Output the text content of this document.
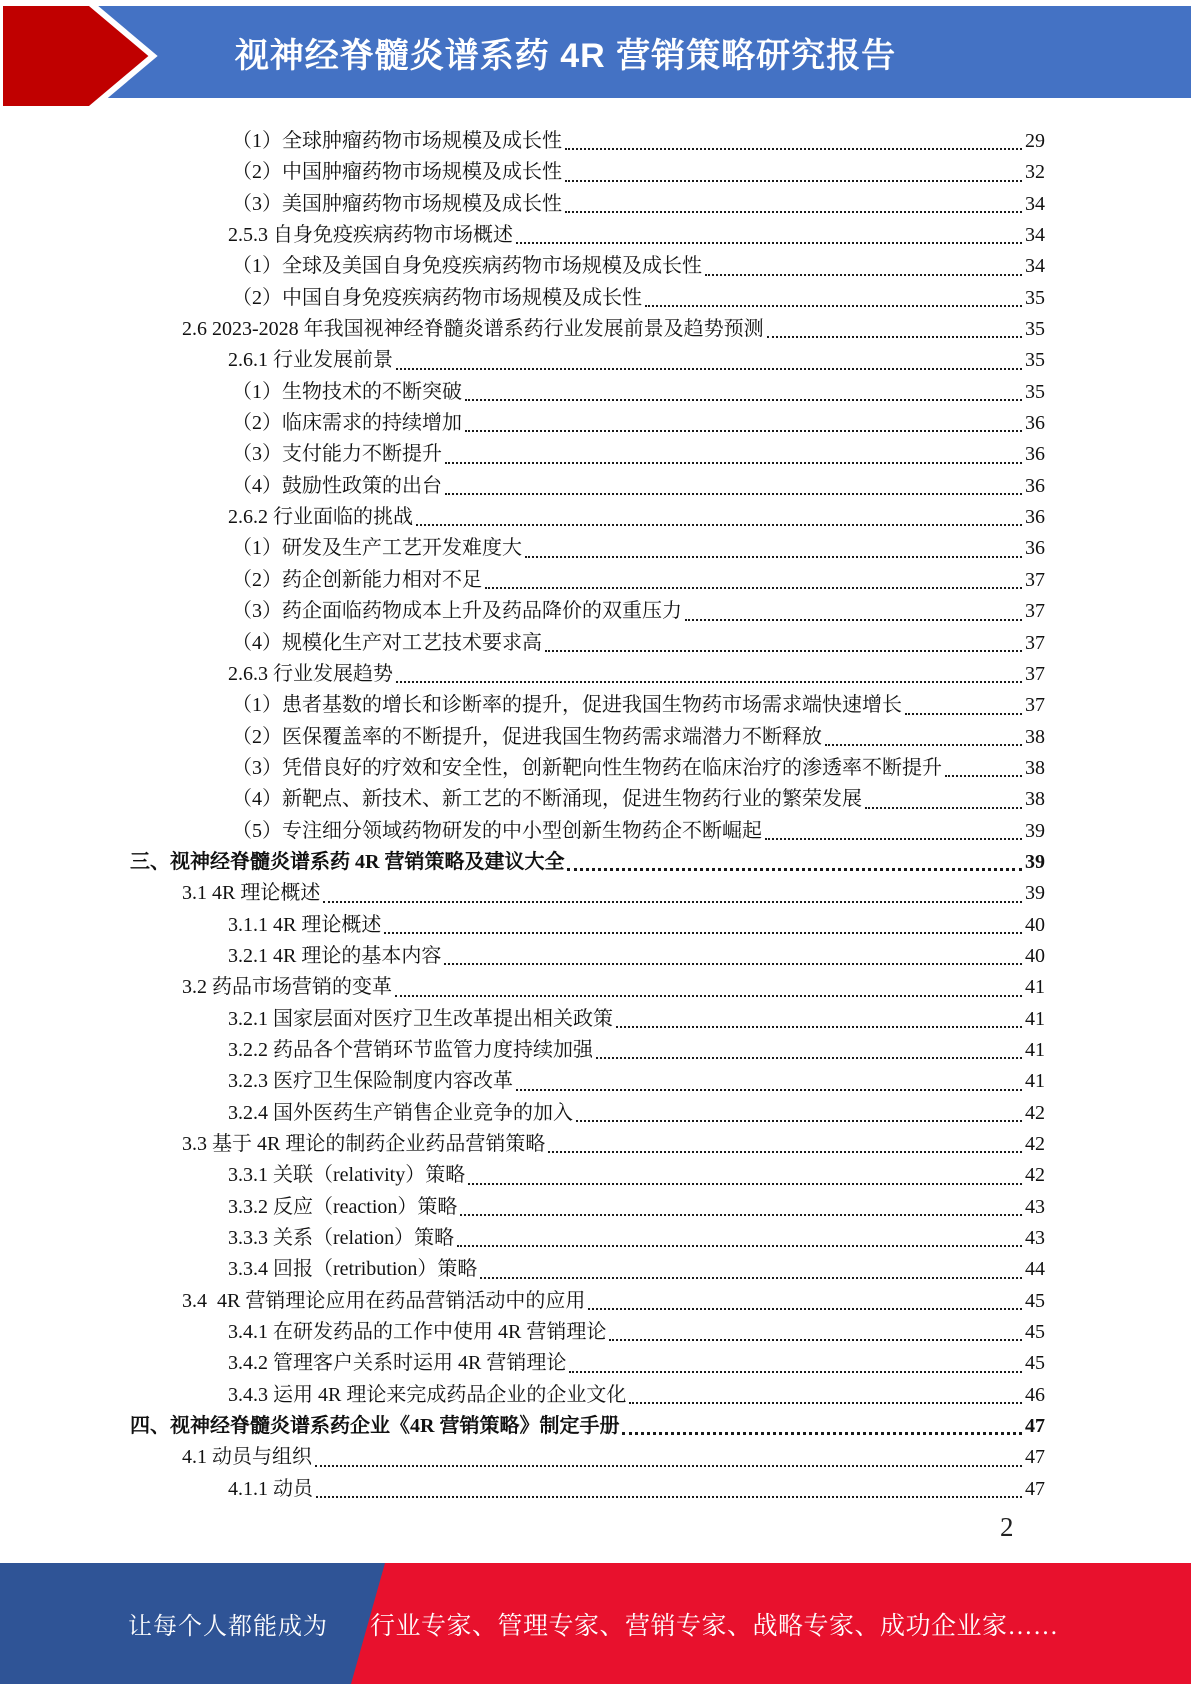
视神经脊髓炎谱系药 4R 营销策略研究报告
（1）全球肿瘤药物市场规模及成长性	29
（2）中国肿瘤药物市场规模及成长性	32
（3）美国肿瘤药物市场规模及成长性	34
2.5.3 自身免疫疾病药物市场概述	34
（1）全球及美国自身免疫疾病药物市场规模及成长性	34
（2）中国自身免疫疾病药物市场规模及成长性	35
2.6 2023-2028 年我国视神经脊髓炎谱系药行业发展前景及趋势预测	35
2.6.1 行业发展前景	35
（1）生物技术的不断突破	35
（2）临床需求的持续增加	36
（3）支付能力不断提升	36
（4）鼓励性政策的出台	36
2.6.2 行业面临的挑战	36
（1）研发及生产工艺开发难度大	36
（2）药企创新能力相对不足	37
（3）药企面临药物成本上升及药品降价的双重压力	37
（4）规模化生产对工艺技术要求高	37
2.6.3 行业发展趋势	37
（1）患者基数的增长和诊断率的提升，促进我国生物药市场需求端快速增长	37
（2）医保覆盖率的不断提升，促进我国生物药需求端潜力不断释放	38
（3）凭借良好的疗效和安全性，创新靶向性生物药在临床治疗的渗透率不断提升	38
（4）新靶点、新技术、新工艺的不断涌现，促进生物药行业的繁荣发展	38
（5）专注细分领域药物研发的中小型创新生物药企不断崛起	39
三、视神经脊髓炎谱系药 4R 营销策略及建议大全	39
3.1 4R 理论概述	39
3.1.1 4R 理论概述	40
3.2.1 4R 理论的基本内容	40
3.2 药品市场营销的变革	41
3.2.1 国家层面对医疗卫生改革提出相关政策	41
3.2.2 药品各个营销环节监管力度持续加强	41
3.2.3 医疗卫生保险制度内容改革	41
3.2.4 国外医药生产销售企业竞争的加入	42
3.3 基于 4R 理论的制药企业药品营销策略	42
3.3.1 关联（relativity）策略	42
3.3.2 反应（reaction）策略	43
3.3.3 关系（relation）策略	43
3.3.4 回报（retribution）策略	44
3.4  4R 营销理论应用在药品营销活动中的应用	45
3.4.1 在研发药品的工作中使用 4R 营销理论	45
3.4.2 管理客户关系时运用 4R 营销理论	45
3.4.3 运用 4R 理论来完成药品企业的企业文化	46
四、视神经脊髓炎谱系药企业《4R 营销策略》制定手册	47
4.1 动员与组织	47
4.1.1 动员	47
2
让每个人都能成为 行业专家、管理专家、营销专家、战略专家、成功企业家……
